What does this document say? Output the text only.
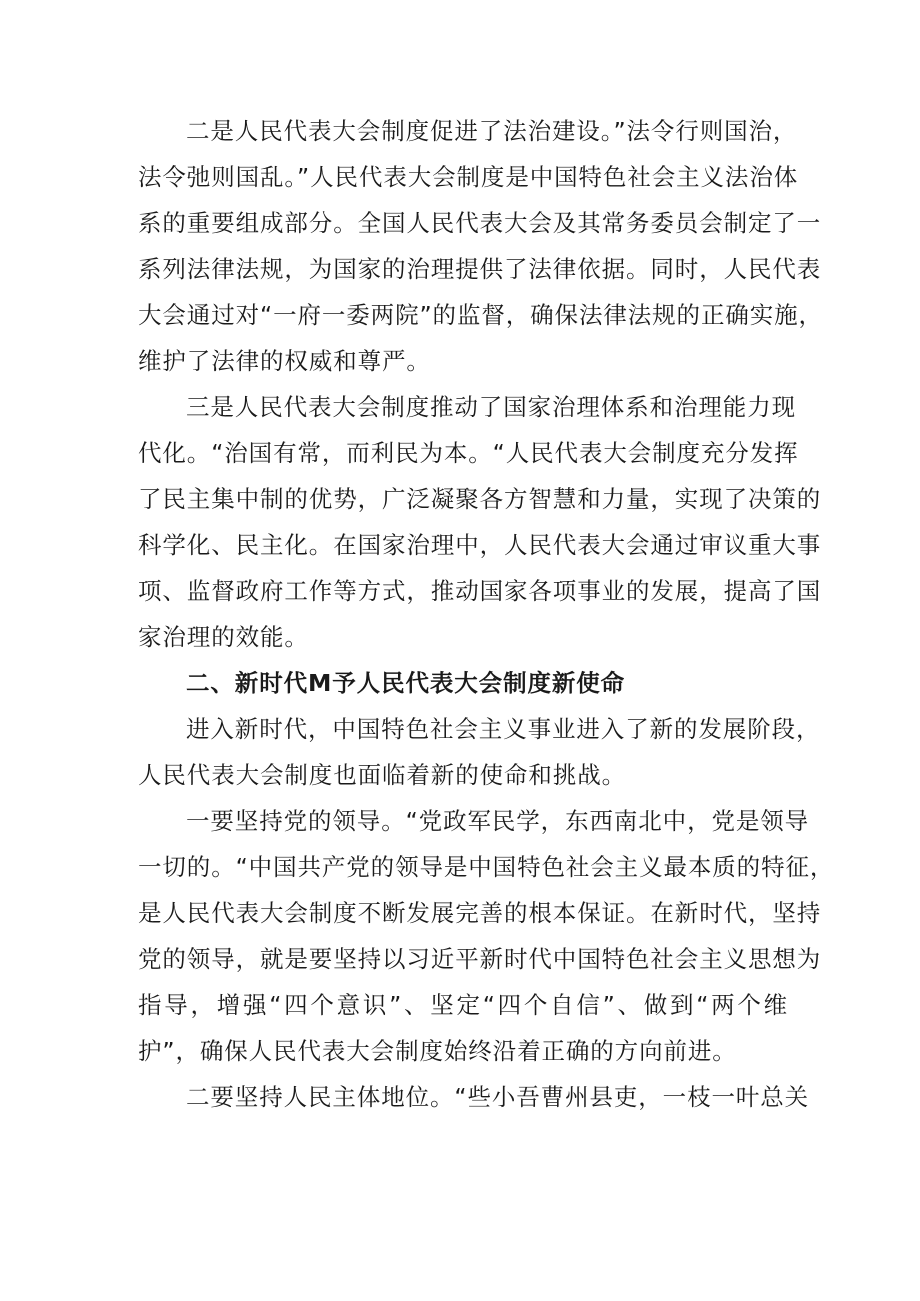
二是人民代表大会制度促进了法治建设。”法令行则国治，法令弛则国乱。”人民代表大会制度是中国特色社会主义法治体系的重要组成部分。全国人民代表大会及其常务委员会制定了一系列法律法规，为国家的治理提供了法律依据。同时，人民代表大会通过对“一府一委两院”的监督，确保法律法规的正确实施，维护了法律的权威和尊严。
三是人民代表大会制度推动了国家治理体系和治理能力现代化。“治国有常，而利民为本。“人民代表大会制度充分发挥了民主集中制的优势，广泛凝聚各方智慧和力量，实现了决策的科学化、民主化。在国家治理中，人民代表大会通过审议重大事项、监督政府工作等方式，推动国家各项事业的发展，提高了国家治理的效能。
二、新时代M予人民代表大会制度新使命
进入新时代，中国特色社会主义事业进入了新的发展阶段，人民代表大会制度也面临着新的使命和挑战。
一要坚持党的领导。“党政军民学，东西南北中，党是领导一切的。“中国共产党的领导是中国特色社会主义最本质的特征，是人民代表大会制度不断发展完善的根本保证。在新时代，坚持党的领导，就是要坚持以习近平新时代中国特色社会主义思想为指导，增强“四个意识”、坚定“四个自信”、做到“两个维护”，确保人民代表大会制度始终沿着正确的方向前进。
二要坚持人民主体地位。“些小吾曹州县吏，一枝一叶总关
